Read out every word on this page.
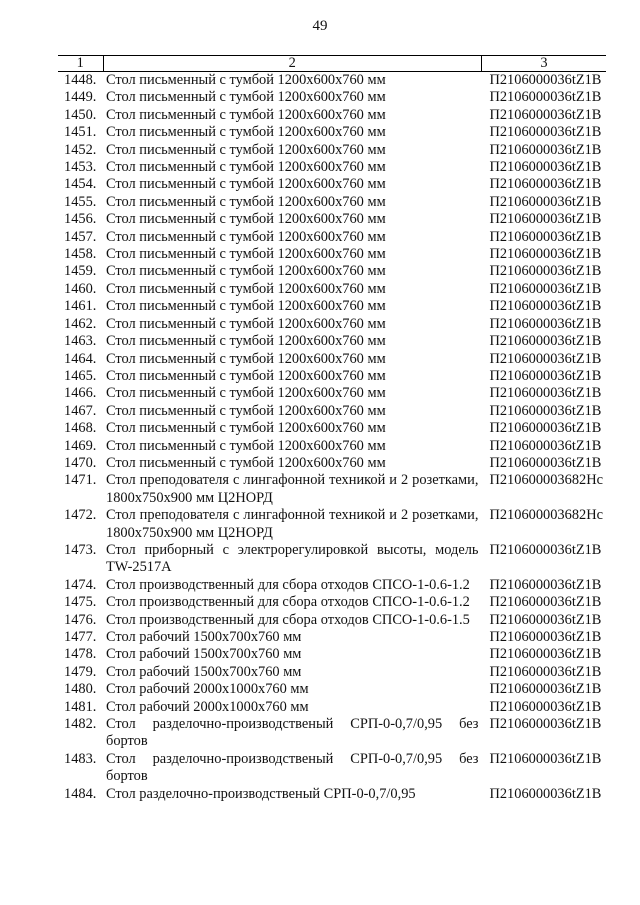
49
1	2	3
1448.	Стол письменный с тумбой 1200х600х760 мм	П2106000036tZ1B
1449.	Стол письменный с тумбой 1200х600х760 мм	П2106000036tZ1B
1450.	Стол письменный с тумбой 1200х600х760 мм	П2106000036tZ1B
1451.	Стол письменный с тумбой 1200х600х760 мм	П2106000036tZ1B
1452.	Стол письменный с тумбой 1200х600х760 мм	П2106000036tZ1B
1453.	Стол письменный с тумбой 1200х600х760 мм	П2106000036tZ1B
1454.	Стол письменный с тумбой 1200х600х760 мм	П2106000036tZ1B
1455.	Стол письменный с тумбой 1200х600х760 мм	П2106000036tZ1B
1456.	Стол письменный с тумбой 1200х600х760 мм	П2106000036tZ1B
1457.	Стол письменный с тумбой 1200х600х760 мм	П2106000036tZ1B
1458.	Стол письменный с тумбой 1200х600х760 мм	П2106000036tZ1B
1459.	Стол письменный с тумбой 1200х600х760 мм	П2106000036tZ1B
1460.	Стол письменный с тумбой 1200х600х760 мм	П2106000036tZ1B
1461.	Стол письменный с тумбой 1200х600х760 мм	П2106000036tZ1B
1462.	Стол письменный с тумбой 1200х600х760 мм	П2106000036tZ1B
1463.	Стол письменный с тумбой 1200х600х760 мм	П2106000036tZ1B
1464.	Стол письменный с тумбой 1200х600х760 мм	П2106000036tZ1B
1465.	Стол письменный с тумбой 1200х600х760 мм	П2106000036tZ1B
1466.	Стол письменный с тумбой 1200х600х760 мм	П2106000036tZ1B
1467.	Стол письменный с тумбой 1200х600х760 мм	П2106000036tZ1B
1468.	Стол письменный с тумбой 1200х600х760 мм	П2106000036tZ1B
1469.	Стол письменный с тумбой 1200х600х760 мм	П2106000036tZ1B
1470.	Стол письменный с тумбой 1200х600х760 мм	П2106000036tZ1B
1471.	Стол преподователя с лингафонной техникой и 2 розетками, 1800х750х900 мм Ц2НОРД	П210600003682Hc
1472.	Стол преподователя с лингафонной техникой и 2 розетками, 1800х750х900 мм Ц2НОРД	П210600003682Hc
1473.	Стол приборный с электрорегулировкой высоты, модель TW-2517A	П2106000036tZ1B
1474.	Стол производственный для сбора отходов СПСО-1-0.6-1.2	П2106000036tZ1B
1475.	Стол производственный для сбора отходов СПСО-1-0.6-1.2	П2106000036tZ1B
1476.	Стол производственный для сбора отходов СПСО-1-0.6-1.5	П2106000036tZ1B
1477.	Стол рабочий 1500х700х760 мм	П2106000036tZ1B
1478.	Стол рабочий 1500х700х760 мм	П2106000036tZ1B
1479.	Стол рабочий 1500х700х760 мм	П2106000036tZ1B
1480.	Стол рабочий 2000х1000х760 мм	П2106000036tZ1B
1481.	Стол рабочий 2000х1000х760 мм	П2106000036tZ1B
1482.	Стол разделочно-производственый СРП-0-0,7/0,95 без бортов	П2106000036tZ1B
1483.	Стол разделочно-производственый СРП-0-0,7/0,95 без бортов	П2106000036tZ1B
1484.	Стол разделочно-производственый СРП-0-0,7/0,95	П2106000036tZ1B
